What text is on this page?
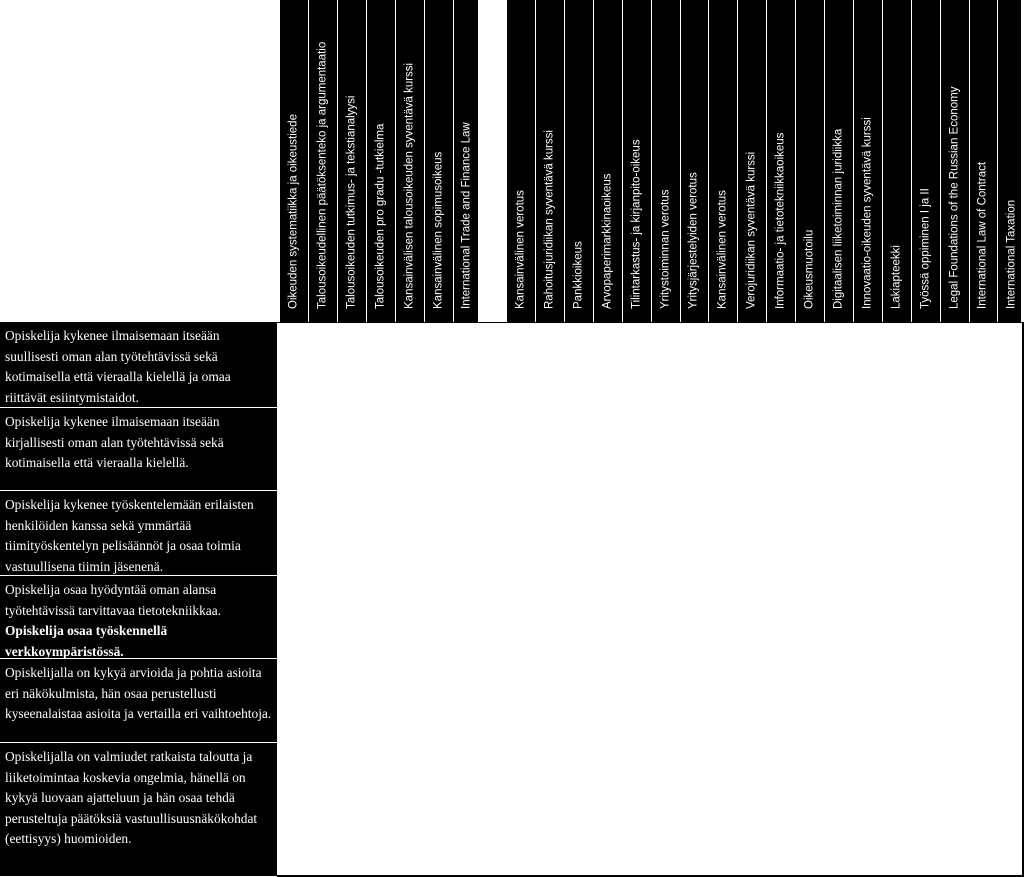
Oikeuden systematiikka ja oikeustiede Talousoikeudellinen päätöksenteko ja argumentaatio Talousoikeuden tutkimus- ja tekstianalyysi Talousoikeuden pro gradu -tutkielma Kansainvälisen talousoikeuden syventävä kurssi Kansainvälinen sopimusoikeus International Trade and Finance Law	Kansainvälinen verotus Rahoitusjuridiikan syventävä kurssi Pankkioikeus Arvopaperimarkkinaoikeus Tilintarkastus- ja kirjanpito-oikeus Yritystoiminnan verotus Yritysjärjestelyiden verotus Kansainvälinen verotus Verojuridiikan syventävä kurssi Informaatio- ja tietotekniikkaoikeus Oikeusmuotoilu Digitaalisen liiketoiminnan juridiikka Innovaatio-oikeuden syventävä kurssi Lakiapteekki Työssä oppiminen I ja II Legal Foundations of the Russian Economy International Law of Contract International Taxation
Opiskelija kykenee ilmaisemaan itseään suullisesti oman alan työtehtävissä sekä kotimaisella että vieraalla kielellä ja omaa riittävät esiintymistaidot.
Opiskelija kykenee ilmaisemaan itseään kirjallisesti oman alan työtehtävissä sekä kotimaisella että vieraalla kielellä.
Opiskelija kykenee työskentelemään erilaisten henkilöiden kanssa sekä ymmärtää tiimityöskentelyn pelisäännöt ja osaa toimia vastuullisena tiimin jäsenenä.
Opiskelija osaa hyödyntää oman alansa työtehtävissä tarvittavaa tietotekniikkaa. Opiskelija osaa työskennellä verkkoympäristössä.
Opiskelijalla on kykyä arvioida ja pohtia asioita eri näkökulmista, hän osaa perustellusti kyseenalaistaa asioita ja vertailla eri vaihtoehtoja.
Opiskelijalla on valmiudet ratkaista taloutta ja liiketoimintaa koskevia ongelmia, hänellä on kykyä luovaan ajatteluun ja hän osaa tehdä perusteltuja päätöksiä vastuullisuusnäkökohdat (eettisyys) huomioiden.
